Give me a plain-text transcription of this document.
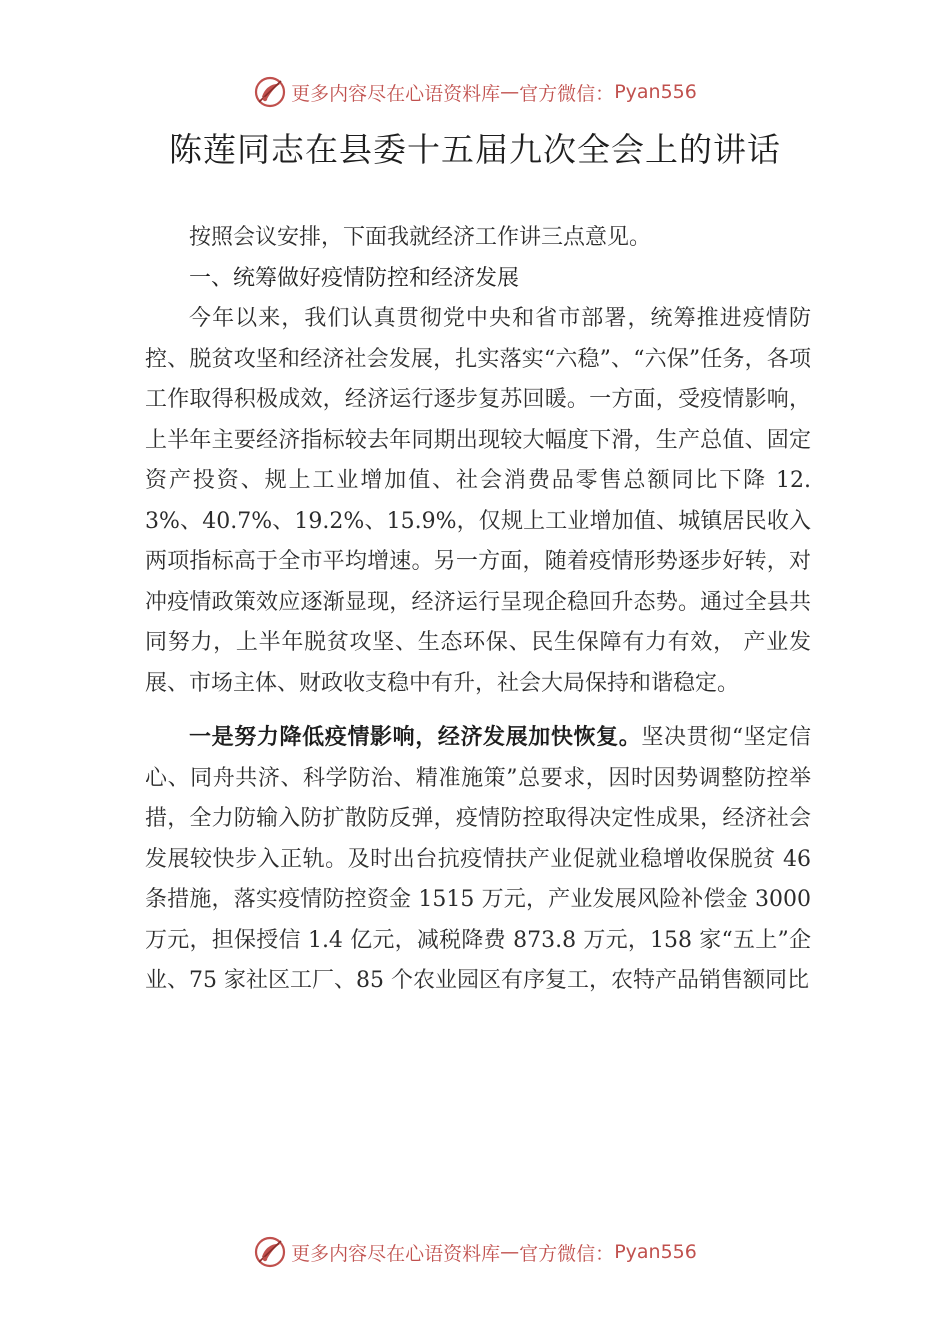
更多内容尽在心语资料库 — 官方微信： Pyan556
陈莲同志在县委十五届九次全会上的讲话

按照会议安排，下面我就经济工作讲三点意见。

一、统筹做好疫情防控和经济发展

今年以来，我们认真贯彻党中央和省市部署，统筹推进疫情防控、脱贫攻坚和经济社会发展，扎实落实“六稳”、“六保”任务，各项工作取得积极成效，经济运行逐步复苏回暖。一方面，受疫情影响，上半年主要经济指标较去年同期出现较大幅度下滑，生产总值、固定资产投资、规上工业增加值、社会消费品零售总额同比下降 12.3%、40.7%、19.2%、15.9%，仅规上工业增加值、城镇居民收入两项指标高于全市平均增速。另一方面，随着疫情形势逐步好转，对冲疫情政策效应逐渐显现，经济运行呈现企稳回升态势。通过全县共同努力，上半年脱贫攻坚、生态环保、民生保障有力有效， 产业发展、市场主体、财政收支稳中有升，社会大局保持和谐稳定。

一是努力降低疫情影响，经济发展加快恢复。坚决贯彻“坚定信心、同舟共济、科学防治、精准施策”总要求，因时因势调整防控举措，全力防输入防扩散防反弹，疫情防控取得决定性成果，经济社会发展较快步入正轨。及时出台抗疫情扶产业促就业稳增收保脱贫 46 条措施，落实疫情防控资金 1515 万元，产业发展风险补偿金 3000 万元，担保授信 1.4 亿元，减税降费 873.8 万元，158 家“五上”企业、75 家社区工厂、85 个农业园区有序复工，农特产品销售额同比

更多内容尽在心语资料库 — 官方微信： Pyan556
